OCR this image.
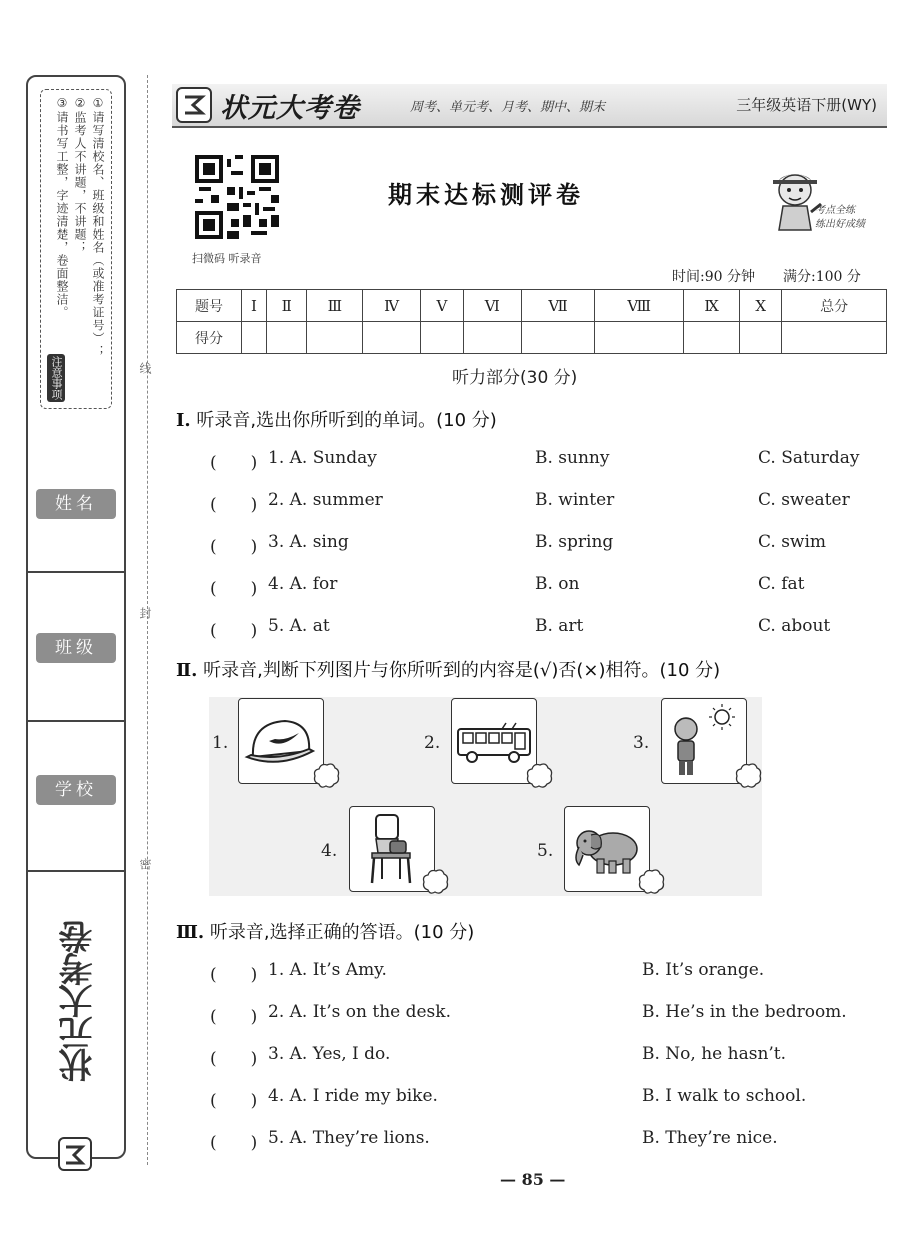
①请写清校名、班级和姓名（或准考证号）；
②监考人不讲题，不讲题；
③请书写工整，字迹清楚，卷面整洁。
注意事项
姓名
班级
学校
状元大考卷
线
封
密
状元大考卷	周考、单元考、月考、期中、期末	三年级英语下册(WY)
扫微码 听录音
期末达标测评卷
考点全练
练出好成绩
时间:90 分钟　　满分:100 分
题号	Ⅰ	Ⅱ	Ⅲ	Ⅳ	Ⅴ	Ⅵ	Ⅶ	Ⅷ	Ⅸ	Ⅹ	总分
得分											
听力部分(30 分)
Ⅰ. 听录音,选出你所听到的单词。(10 分)
(　　) 1. A. Sunday	B. sunny	C. Saturday
(　　) 2. A. summer	B. winter	C. sweater
(　　) 3. A. sing	B. spring	C. swim
(　　) 4. A. for	B. on	C. fat
(　　) 5. A. at	B. art	C. about
Ⅱ. 听录音,判断下列图片与你所听到的内容是(√)否(×)相符。(10 分)
1.	2.	3.
4.	5.
Ⅲ. 听录音,选择正确的答语。(10 分)
(　　) 1. A. It’s Amy.	B. It’s orange.
(　　) 2. A. It’s on the desk.	B. He’s in the bedroom.
(　　) 3. A. Yes, I do.	B. No, he hasn’t.
(　　) 4. A. I ride my bike.	B. I walk to school.
(　　) 5. A. They’re lions.	B. They’re nice.
— 85 —
